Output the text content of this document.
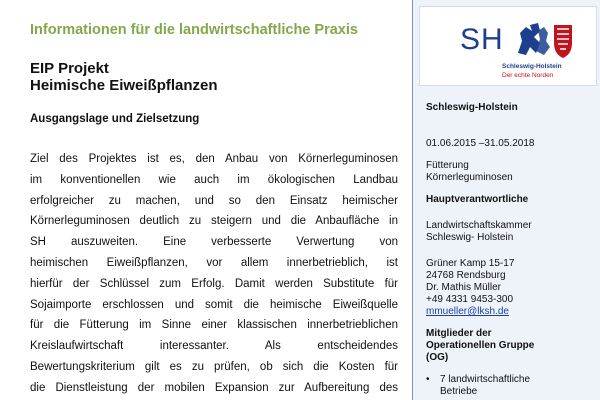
Informationen für die landwirtschaftliche Praxis
EIP Projekt
Heimische Eiweißpflanzen
Ausgangslage und Zielsetzung
Ziel des Projektes ist es, den Anbau von Körnerleguminosen
im konventionellen wie auch im ökologischen Landbau
erfolgreicher zu machen, und so den Einsatz heimischer
Körnerleguminosen deutlich zu steigern und die Anbaufläche in
SH auszuweiten. Eine verbesserte Verwertung von
heimischen Eiweißpflanzen, vor allem innerbetrieblich, ist
hierfür der Schlüssel zum Erfolg. Damit werden Substitute für
Sojaimporte erschlossen und somit die heimische Eiweißquelle
für die Fütterung im Sinne einer klassischen innerbetrieblichen
Kreislaufwirtschaft interessanter. Als entscheidendes
Bewertungskriterium gilt es zu prüfen, ob sich die Kosten für
die Dienstleistung der mobilen Expansion zur Aufbereitung des
SH
Schleswig-Holstein
Der echte Norden
Schleswig-Holstein
01.06.2015 –31.05.2018
Fütterung
Körnerleguminosen
Hauptverantwortliche
Landwirtschaftskammer
Schleswig- Holstein
Grüner Kamp 15-17
24768 Rendsburg
Dr. Mathis Müller
+49 4331 9453-300
mmueller@lksh.de
Mitglieder der
Operationellen Gruppe
(OG)
•	7 landwirtschaftliche
Betriebe
